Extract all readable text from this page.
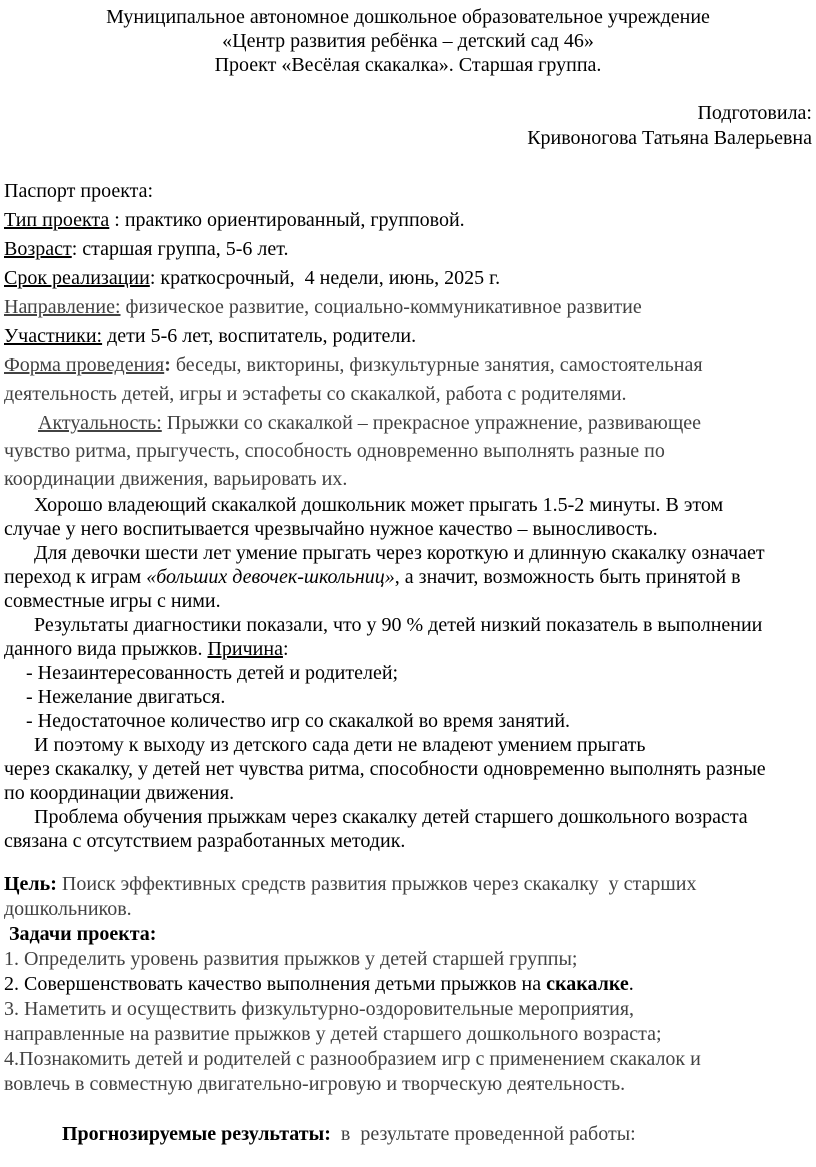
Муниципальное автономное дошкольное образовательное учреждение
«Центр развития ребёнка – детский сад 46»
Проект «Весёлая скакалка». Старшая группа.
Подготовила:
Кривоногова Татьяна Валерьевна
Паспорт проекта:
Тип проекта : практико ориентированный, групповой.
Возраст: старшая группа, 5-6 лет.
Срок реализации: краткосрочный,  4 недели, июнь, 2025 г.
Направление: физическое развитие, социально-коммуникативное развитие
Участники: дети 5-6 лет, воспитатель, родители.
Форма проведения: беседы, викторины, физкультурные занятия, самостоятельная
деятельность детей, игры и эстафеты со скакалкой, работа с родителями.
Актуальность: Прыжки со скакалкой – прекрасное упражнение, развивающее
чувство ритма, прыгучесть, способность одновременно выполнять разные по
координации движения, варьировать их.
Хорошо владеющий скакалкой дошкольник может прыгать 1.5-2 минуты. В этом
случае у него воспитывается чрезвычайно нужное качество – выносливость.
Для девочки шести лет умение прыгать через короткую и длинную скакалку означает
переход к играм «больших девочек-школьниц», а значит, возможность быть принятой в
совместные игры с ними.
Результаты диагностики показали, что у 90 % детей низкий показатель в выполнении
данного вида прыжков. Причина:
- Незаинтересованность детей и родителей;
- Нежелание двигаться.
- Недостаточное количество игр со скакалкой во время занятий.
И поэтому к выходу из детского сада дети не владеют умением прыгать
через скакалку, у детей нет чувства ритма, способности одновременно выполнять разные
по координации движения.
Проблема обучения прыжкам через скакалку детей старшего дошкольного возраста
связана с отсутствием разработанных методик.
Цель: Поиск эффективных средств развития прыжков через скакалку  у старших
дошкольников.
Задачи проекта:
1. Определить уровень развития прыжков у детей старшей группы;
2. Совершенствовать качество выполнения детьми прыжков на скакалке.
3. Наметить и осуществить физкультурно-оздоровительные мероприятия,
направленные на развитие прыжков у детей старшего дошкольного возраста;
4.Познакомить детей и родителей с разнообразием игр с применением скакалок и
вовлечь в совместную двигательно-игровую и творческую деятельность.
Прогнозируемые результаты:  в  результате проведенной работы:
